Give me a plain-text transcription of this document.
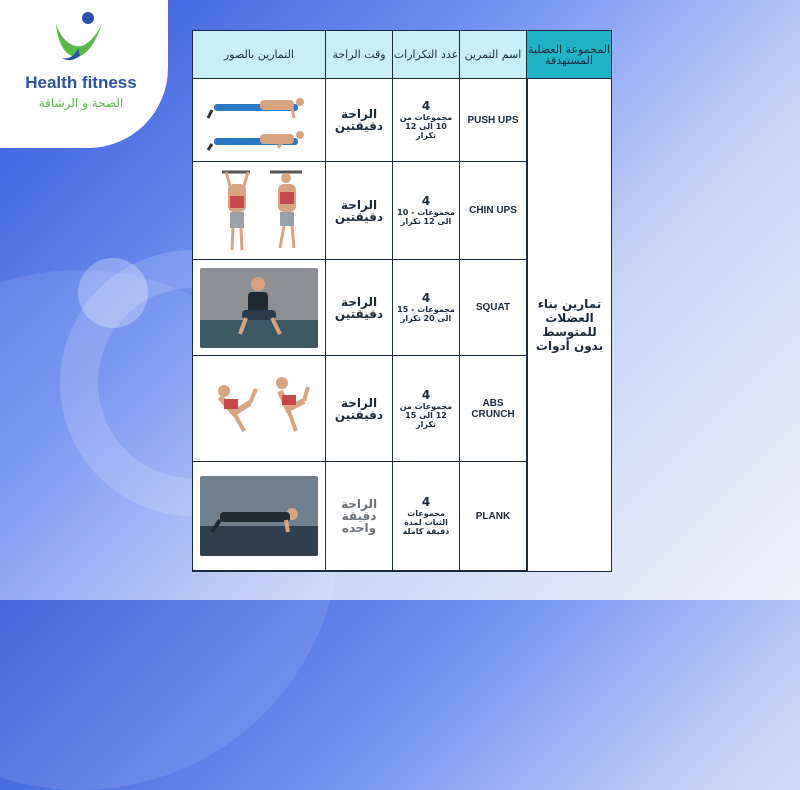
Health fitness
الصحة و الرشاقة
التمارين بالصور	وقت الراحة عدد التكرارات اسم التمرين المجموعة العضلية المستهدفة
الراحة دقيقتين
4
مجموعات من 10 الى 12 تكرار
PUSH UPS
الراحة دقيقتين
4
مجموعات - 10 الى 12 تكرار
CHIN UPS
الراحة دقيقتين
4
مجموعات - 15 الى 20 تكرار
SQUAT
الراحة دقيقتين
4
مجموعات من 12 الى 15 تكرار
ABS CRUNCH
الراحة دقيقة واحده
4
مجموعات الثبات لمدة دقيقة كاملة
PLANK
تمارين بناء العضلات للمتوسط بدون أدوات
